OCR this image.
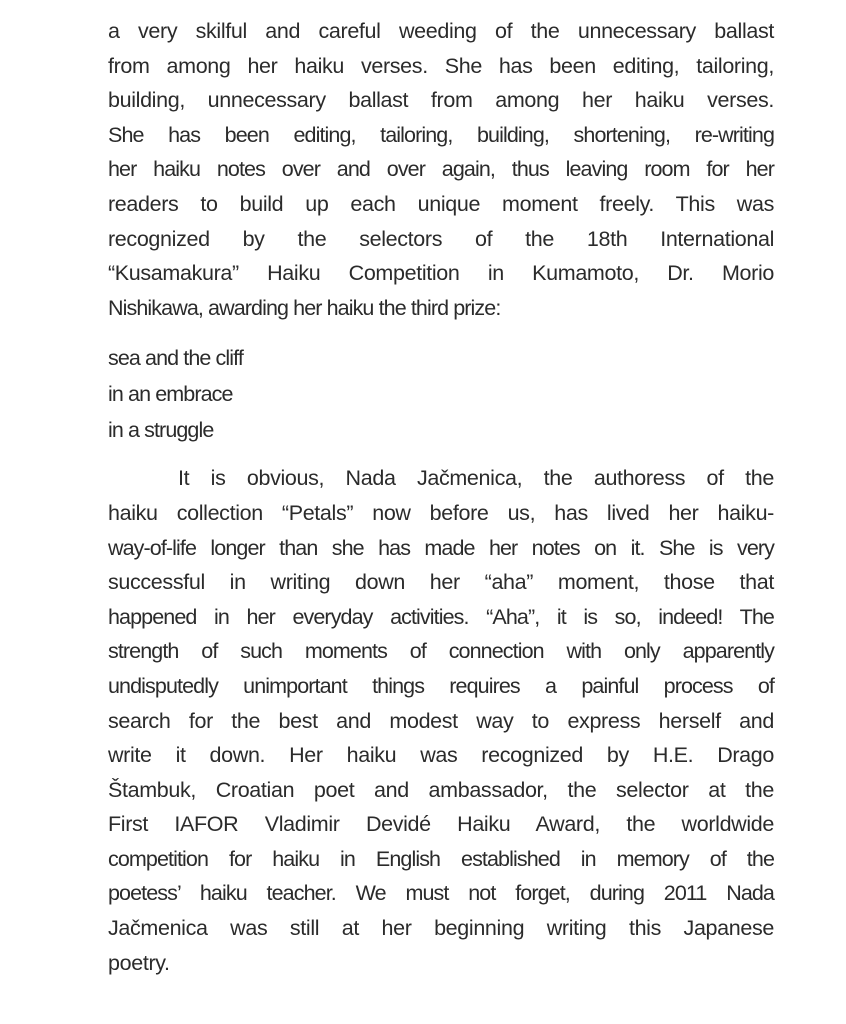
a very skilful and careful weeding of the unnecessary ballast
from among her haiku verses. She has been editing, tailoring,
building, unnecessary ballast from among her haiku verses.
She has been editing, tailoring, building, shortening, re-writing
her haiku notes over and over again, thus leaving room for her
readers to build up each unique moment freely. This was
recognized by the selectors of the 18th International
“Kusamakura” Haiku Competition in Kumamoto, Dr. Morio
Nishikawa, awarding her haiku the third prize:
sea and the cliff
in an embrace
in a struggle
It is obvious, Nada Jačmenica, the authoress of the
haiku collection “Petals” now before us, has lived her haiku-
way-of-life longer than she has made her notes on it. She is very
successful in writing down her “aha” moment, those that
happened in her everyday activities. “Aha”, it is so, indeed! The
strength of such moments of connection with only apparently
undisputedly unimportant things requires a painful process of
search for the best and modest way to express herself and
write it down. Her haiku was recognized by H.E. Drago
Štambuk, Croatian poet and ambassador, the selector at the
First IAFOR Vladimir Devidé Haiku Award, the worldwide
competition for haiku in English established in memory of the
poetess’ haiku teacher. We must not forget, during 2011 Nada
Jačmenica was still at her beginning writing this Japanese
poetry.
